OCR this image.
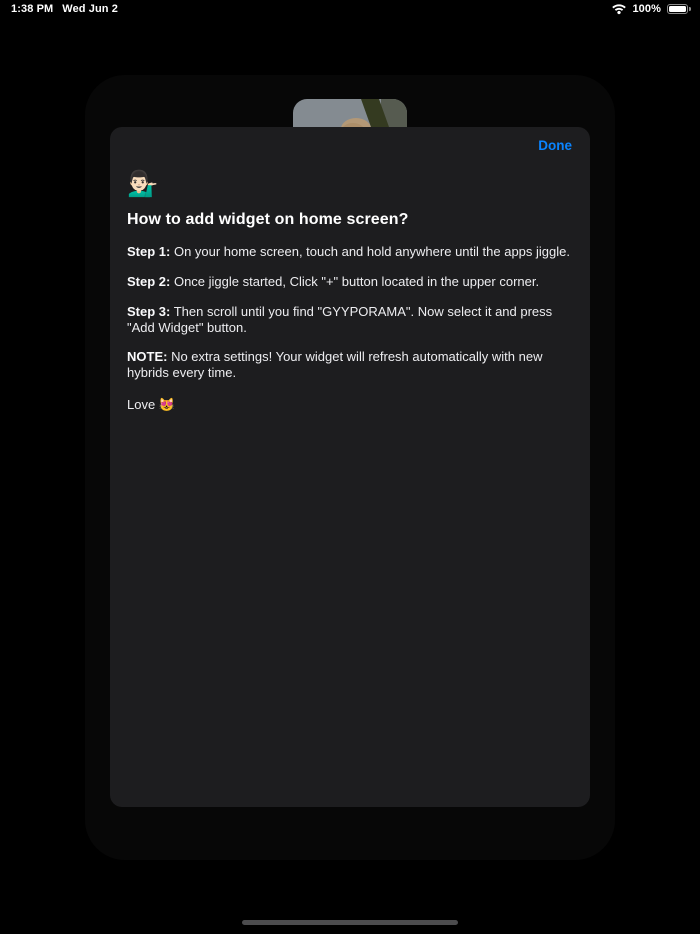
1:38 PM Wed Jun 2	100%
Done
💁🏻‍♂️
How to add widget on home screen?

Step 1: On your home screen, touch and hold anywhere until the apps jiggle.

Step 2: Once jiggle started, Click "+" button located in the upper corner.

Step 3: Then scroll until you find "GYYPORAMA". Now select it and press "Add Widget" button.

NOTE: No extra settings! Your widget will refresh automatically with new hybrids every time.

Love 😻
